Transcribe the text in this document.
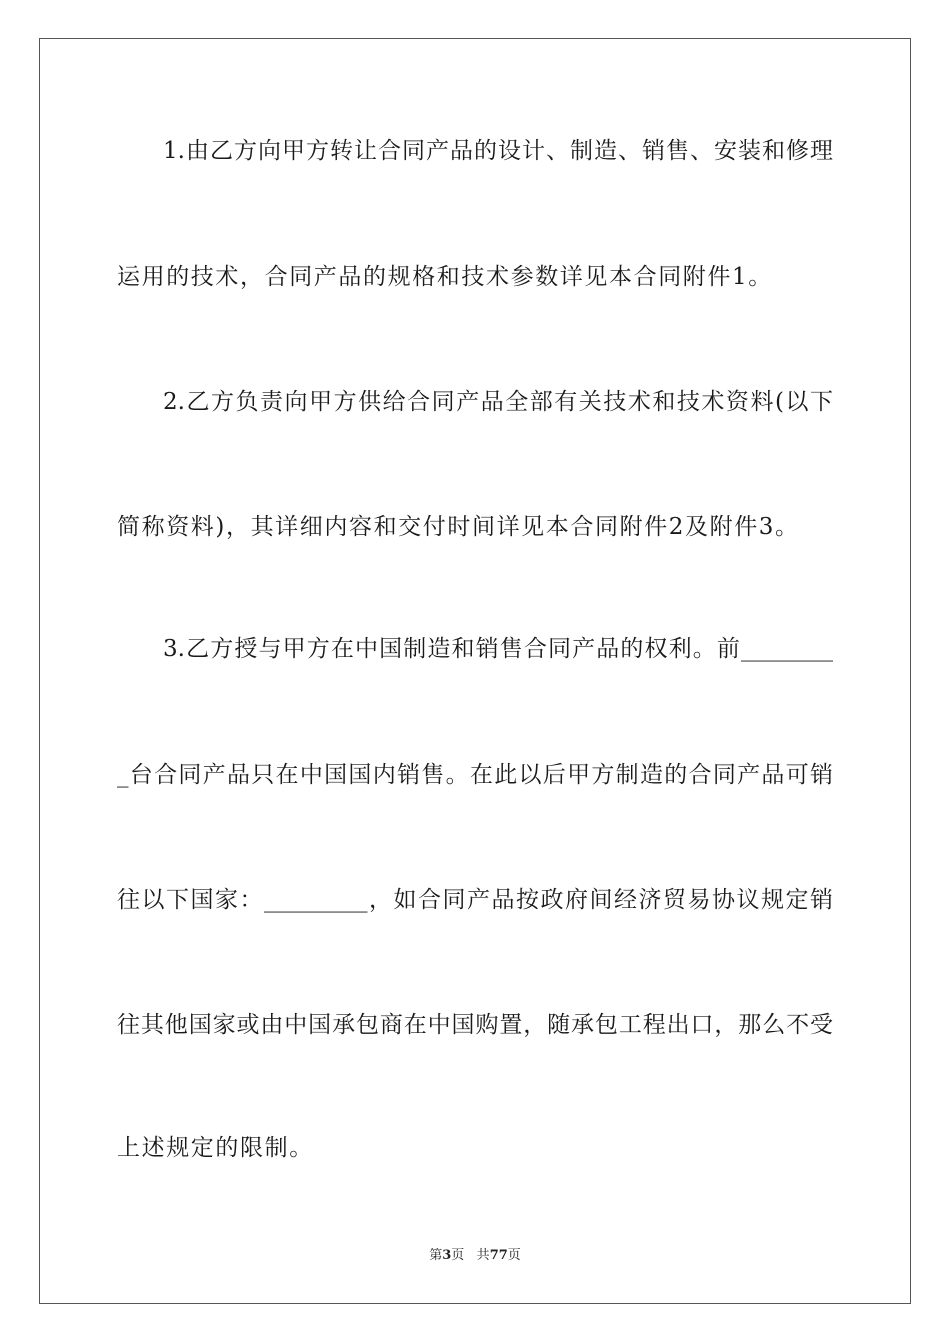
1.由乙方向甲方转让合同产品的设计、制造、销售、安装和修理
运用的技术，合同产品的规格和技术参数详见本合同附件1。
2.乙方负责向甲方供给合同产品全部有关技术和技术资料(以下
简称资料)，其详细内容和交付时间详见本合同附件2及附件3。
3.乙方授与甲方在中国制造和销售合同产品的权利。前________
_台合同产品只在中国国内销售。在此以后甲方制造的合同产品可销
往以下国家：_________，如合同产品按政府间经济贸易协议规定销
往其他国家或由中国承包商在中国购置，随承包工程出口，那么不受
上述规定的限制。
第3页 共77页
